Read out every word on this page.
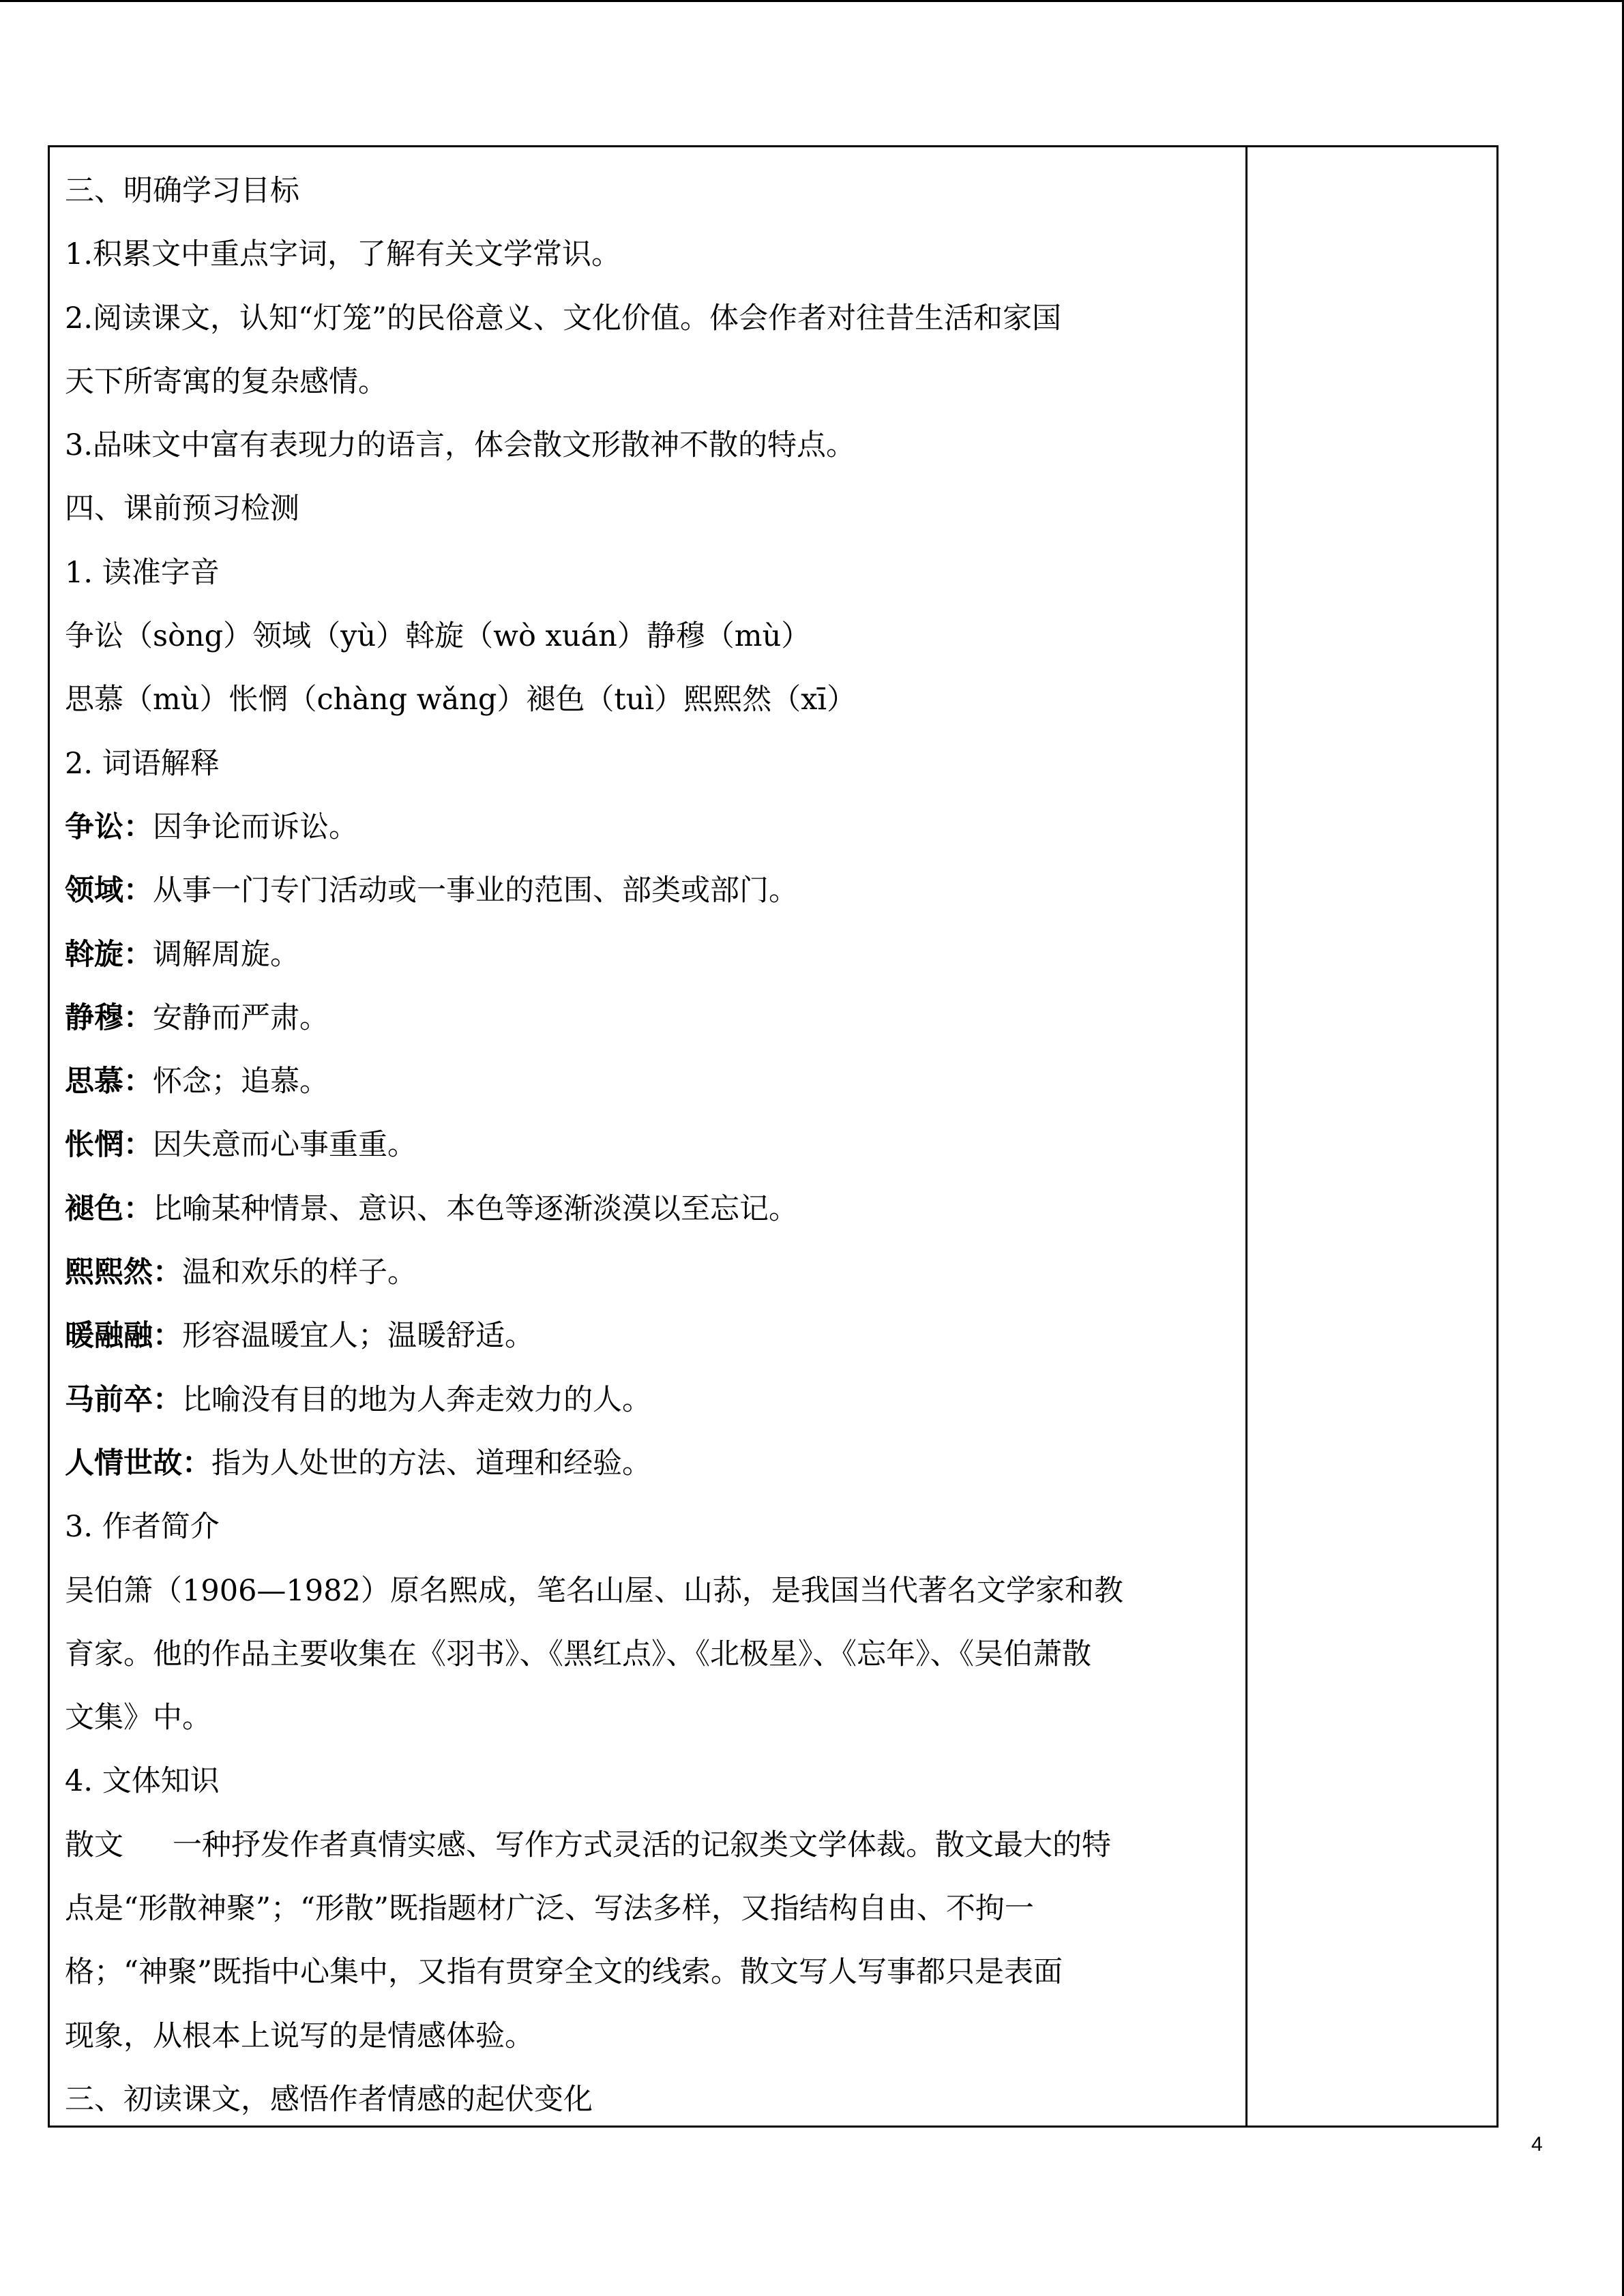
三、明确学习目标
1.积累文中重点字词，了解有关文学常识。
2.阅读课文，认知“灯笼”的民俗意义、文化价值。体会作者对往昔生活和家国
天下所寄寓的复杂感情。
3.品味文中富有表现力的语言，体会散文形散神不散的特点。
四、课前预习检测
1. 读准字音
争讼（sòng）领域（yù）斡旋（wò xuán）静穆（mù）
思慕（mù）怅惘（chàng wǎng）褪色（tuì）熙熙然（xī）
2. 词语解释
争讼：因争论而诉讼。
领域：从事一门专门活动或一事业的范围、部类或部门。
斡旋：调解周旋。
静穆：安静而严肃。
思慕：怀念；追慕。
怅惘：因失意而心事重重。
褪色：比喻某种情景、意识、本色等逐渐淡漠以至忘记。
熙熙然：温和欢乐的样子。
暖融融：形容温暖宜人；温暖舒适。
马前卒：比喻没有目的地为人奔走效力的人。
人情世故：指为人处世的方法、道理和经验。
3. 作者简介
吴伯箫（1906—1982）原名熙成，笔名山屋、山荪，是我国当代著名文学家和教
育家。他的作品主要收集在《羽书》、《黑红点》、《北极星》、《忘年》、《吴伯萧散
文集》中。
4. 文体知识
散文 一种抒发作者真情实感、写作方式灵活的记叙类文学体裁。散文最大的特
点是“形散神聚”；“形散”既指题材广泛、写法多样，又指结构自由、不拘一
格；“神聚”既指中心集中，又指有贯穿全文的线索。散文写人写事都只是表面
现象，从根本上说写的是情感体验。
三、初读课文，感悟作者情感的起伏变化
4
